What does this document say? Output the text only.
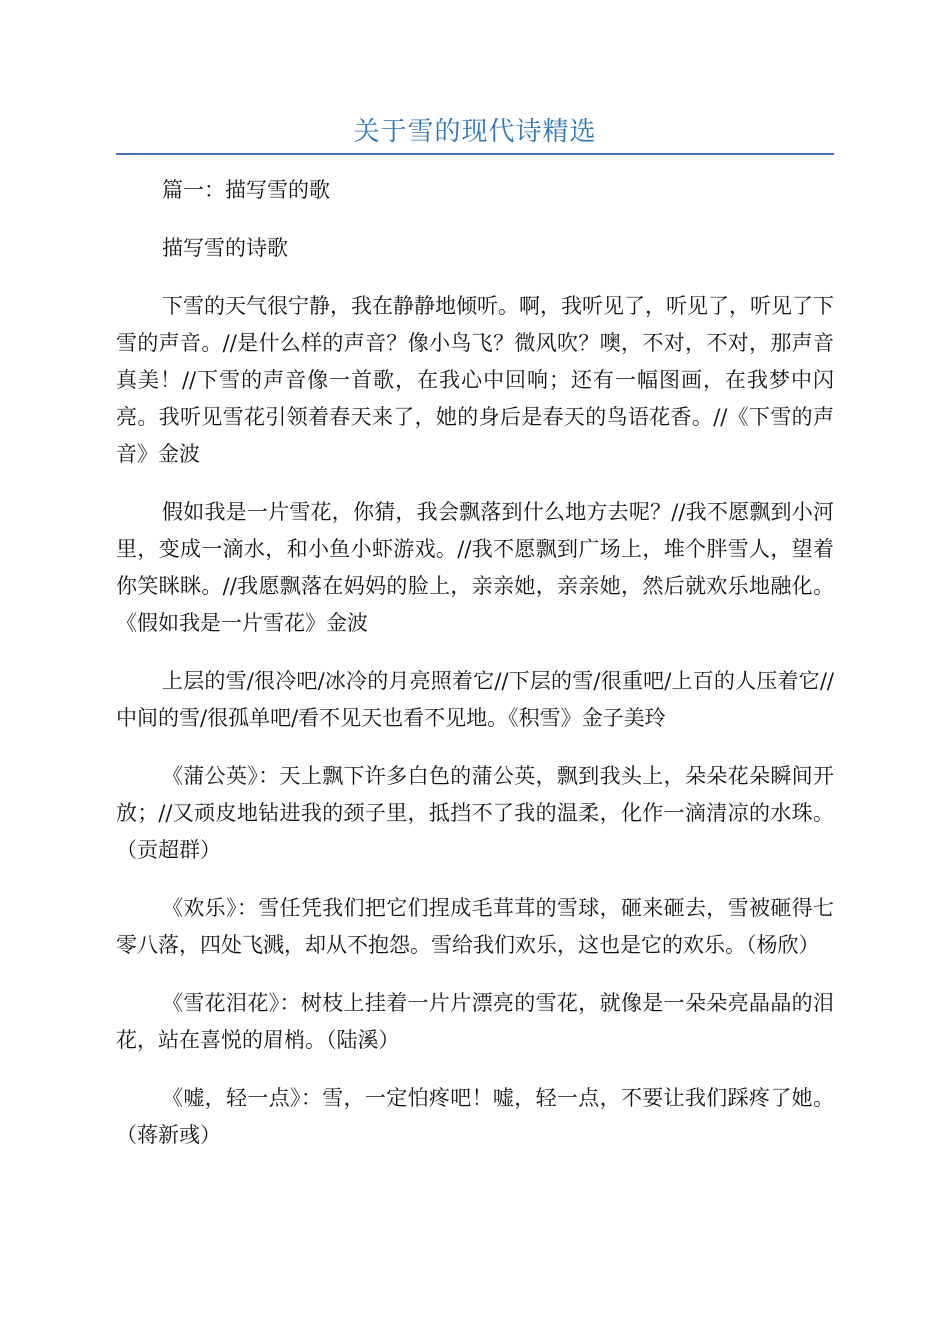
关于雪的现代诗精选

篇一：描写雪的歌

描写雪的诗歌

下雪的天气很宁静，我在静静地倾听。啊，我听见了，听见了，听见了下雪的声音。//是什么样的声音？像小鸟飞？微风吹？噢，不对，不对，那声音真美！//下雪的声音像一首歌，在我心中回响；还有一幅图画，在我梦中闪亮。我听见雪花引领着春天来了，她的身后是春天的鸟语花香。//《下雪的声音》金波

假如我是一片雪花，你猜，我会飘落到什么地方去呢？//我不愿飘到小河里，变成一滴水，和小鱼小虾游戏。//我不愿飘到广场上，堆个胖雪人，望着你笑眯眯。//我愿飘落在妈妈的脸上，亲亲她，亲亲她，然后就欢乐地融化。《假如我是一片雪花》金波

上层的雪/很冷吧/冰冷的月亮照着它//下层的雪/很重吧/上百的人压着它//中间的雪/很孤单吧/看不见天也看不见地。《积雪》金子美玲

《蒲公英》：天上飘下许多白色的蒲公英，飘到我头上，朵朵花朵瞬间开放；//又顽皮地钻进我的颈子里，抵挡不了我的温柔，化作一滴清凉的水珠。（贡超群）

《欢乐》：雪任凭我们把它们捏成毛茸茸的雪球，砸来砸去，雪被砸得七零八落，四处飞溅，却从不抱怨。雪给我们欢乐，这也是它的欢乐。（杨欣）

《雪花泪花》：树枝上挂着一片片漂亮的雪花，就像是一朵朵亮晶晶的泪花，站在喜悦的眉梢。（陆溪）

《嘘，轻一点》：雪，一定怕疼吧！嘘，轻一点，不要让我们踩疼了她。（蒋新彧）
